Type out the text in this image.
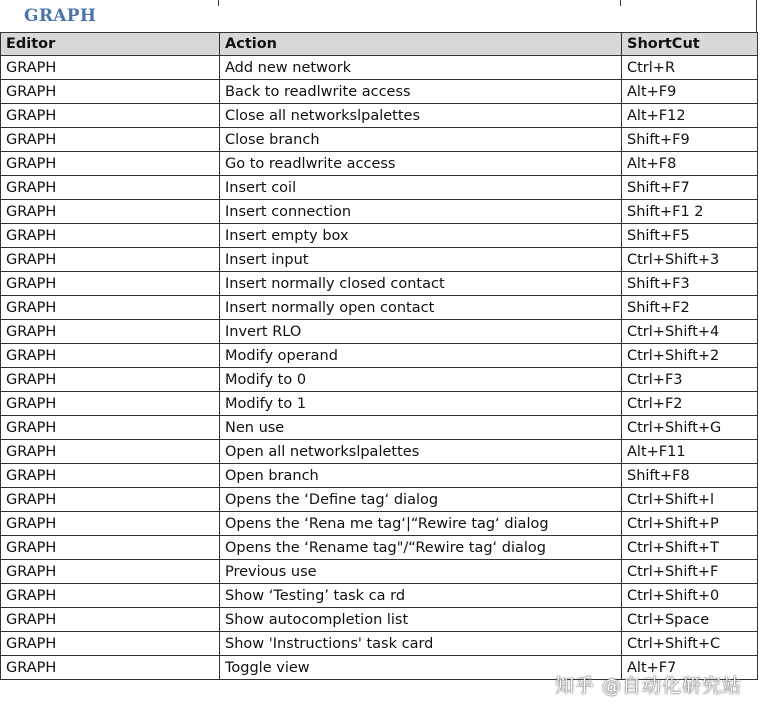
GRAPH
Editor	Action	ShortCut
GRAPH	Add new network	Ctrl+R
GRAPH	Back to readlwrite access	Alt+F9
GRAPH	Close all networkslpalettes	Alt+F12
GRAPH	Close branch	Shift+F9
GRAPH	Go to readlwrite access	Alt+F8
GRAPH	Insert coil	Shift+F7
GRAPH	Insert connection	Shift+F1 2
GRAPH	Insert empty box	Shift+F5
GRAPH	Insert input	Ctrl+Shift+3
GRAPH	Insert normally closed contact	Shift+F3
GRAPH	Insert normally open contact	Shift+F2
GRAPH	Invert RLO	Ctrl+Shift+4
GRAPH	Modify operand	Ctrl+Shift+2
GRAPH	Modify to 0	Ctrl+F3
GRAPH	Modify to 1	Ctrl+F2
GRAPH	Nen use	Ctrl+Shift+G
GRAPH	Open all networkslpalettes	Alt+F11
GRAPH	Open branch	Shift+F8
GRAPH	Opens the ‘Define tag‘ dialog	Ctrl+Shift+l
GRAPH	Opens the ‘Rena me tag‘|“Rewire tag‘ dialog	Ctrl+Shift+P
GRAPH	Opens the ‘Rename tag"/“Rewire tag‘ dialog	Ctrl+Shift+T
GRAPH	Previous use	Ctrl+Shift+F
GRAPH	Show ‘Testing’ task ca rd	Ctrl+Shift+0
GRAPH	Show autocompletion list	Ctrl+Space
GRAPH	Show 'Instructions' task card	Ctrl+Shift+C
GRAPH	Toggle view	Alt+F7
知乎 @自动化研究站
